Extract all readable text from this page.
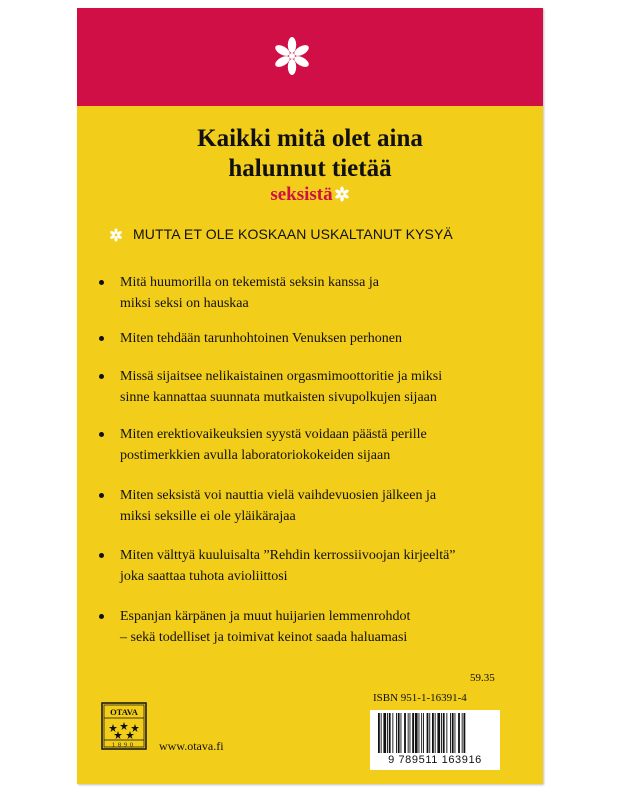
Kaikki mitä olet aina
halunnut tietää
seksistä
MUTTA ET OLE KOSKAAN USKALTANUT KYSYÄ
Mitä huumorilla on tekemistä seksin kanssa ja
miksi seksi on hauskaa
Miten tehdään tarunhohtoinen Venuksen perhonen
Missä sijaitsee nelikaistainen orgasmimoottoritie ja miksi
sinne kannattaa suunnata mutkaisten sivupolkujen sijaan
Miten erektiovaikeuksien syystä voidaan päästä perille
postimerkkien avulla laboratoriokokeiden sijaan
Miten seksistä voi nauttia vielä vaihdevuosien jälkeen ja
miksi seksille ei ole yläikärajaa
Miten välttyä kuuluisalta ”Rehdin kerrossiivoojan kirjeeltä”
joka saattaa tuhota avioliittosi
Espanjan kärpänen ja muut huijarien lemmenrohdot
– sekä todelliset ja toimivat keinot saada haluamasi
59.35
ISBN 951-1-16391-4
9 789511 163916
OTAVA
1890 www.otava.fi
